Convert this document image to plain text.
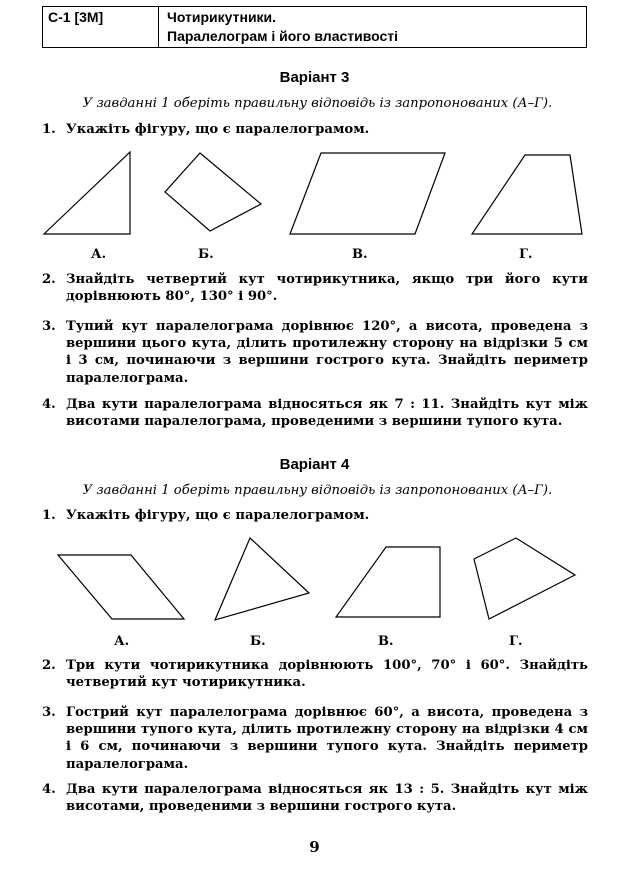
С-1 [3М]	Чотирикутники.
Паралелограм і його властивості
Варіант 3
У завданні 1 оберіть правильну відповідь із запропонованих (А–Г).
1. Укажіть фігуру, що є паралелограмом.
А.	Б.	В.	Г.
2. Знайдіть четвертий кут чотирикутника, якщо три його кути дорівнюють 80°, 130° і 90°.
3. Тупий кут паралелограма дорівнює 120°, а висота, проведена з вершини цього кута, ділить протилежну сторону на відрізки 5 см і 3 см, починаючи з вершини гострого кута. Знайдіть периметр паралелограма.
4. Два кути паралелограма відносяться як 7 : 11. Знайдіть кут між висотами паралелограма, проведеними з вершини тупого кута.
Варіант 4
У завданні 1 оберіть правильну відповідь із запропонованих (А–Г).
1. Укажіть фігуру, що є паралелограмом.
А.	Б.	В.	Г.
2. Три кути чотирикутника дорівнюють 100°, 70° і 60°. Знайдіть четвертий кут чотирикутника.
3. Гострий кут паралелограма дорівнює 60°, а висота, проведена з вершини тупого кута, ділить протилежну сторону на відрізки 4 см і 6 см, починаючи з вершини тупого кута. Знайдіть периметр паралелограма.
4. Два кути паралелограма відносяться як 13 : 5. Знайдіть кут між висотами, проведеними з вершини гострого кута.
9
